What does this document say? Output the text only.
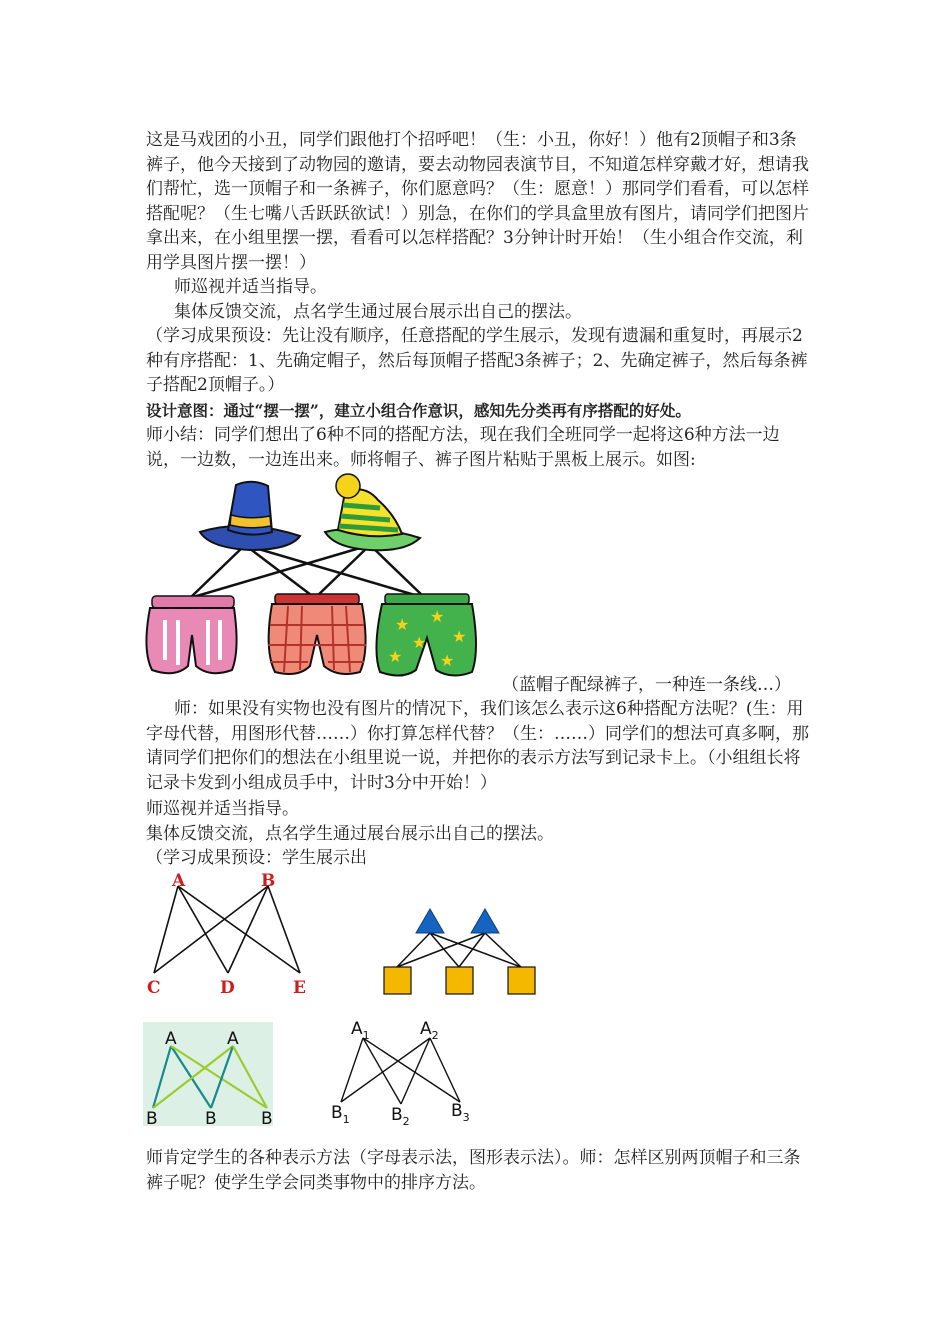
这是马戏团的小丑，同学们跟他打个招呼吧！（生：小丑，你好！）他有2顶帽子和3条裤子，他今天接到了动物园的邀请，要去动物园表演节目，不知道怎样穿戴才好，想请我们帮忙，选一顶帽子和一条裤子，你们愿意吗？（生：愿意！）那同学们看看，可以怎样搭配呢？（生七嘴八舌跃跃欲试！）别急，在你们的学具盒里放有图片，请同学们把图片拿出来，在小组里摆一摆，看看可以怎样搭配？3分钟计时开始！（生小组合作交流，利用学具图片摆一摆！）

师巡视并适当指导。

集体反馈交流，点名学生通过展台展示出自己的摆法。

（学习成果预设：先让没有顺序，任意搭配的学生展示，发现有遗漏和重复时，再展示2种有序搭配：1、先确定帽子，然后每顶帽子搭配3条裤子；2、先确定裤子，然后每条裤子搭配2顶帽子。）

设计意图：通过“摆一摆”，建立小组合作意识，感知先分类再有序搭配的好处。

师小结：同学们想出了6种不同的搭配方法，现在我们全班同学一起将这6种方法一边说，一边数，一边连出来。师将帽子、裤子图片粘贴于黑板上展示。如图:

★ ★
★
★ ★
★
（蓝帽子配绿裤子，一种连一条线…）

师：如果没有实物也没有图片的情况下，我们该怎么表示这6种搭配方法呢？(生：用字母代替，用图形代替……）你打算怎样代替？（生：……）同学们的想法可真多啊，那请同学们把你们的想法在小组里说一说，并把你的表示方法写到记录卡上。（小组组长将记录卡发到小组成员手中，计时3分中开始！）

师巡视并适当指导。

集体反馈交流，点名学生通过展台展示出自己的摆法。

（学习成果预设：学生展示出

A	B
C	D	E
A	A
B	B	B
$A_1$	$A_2$
$B_1$ $B_2$
$B_3$

师肯定学生的各种表示方法（字母表示法，图形表示法）。师：怎样区别两顶帽子和三条裤子呢？使学生学会同类事物中的排序方法。
